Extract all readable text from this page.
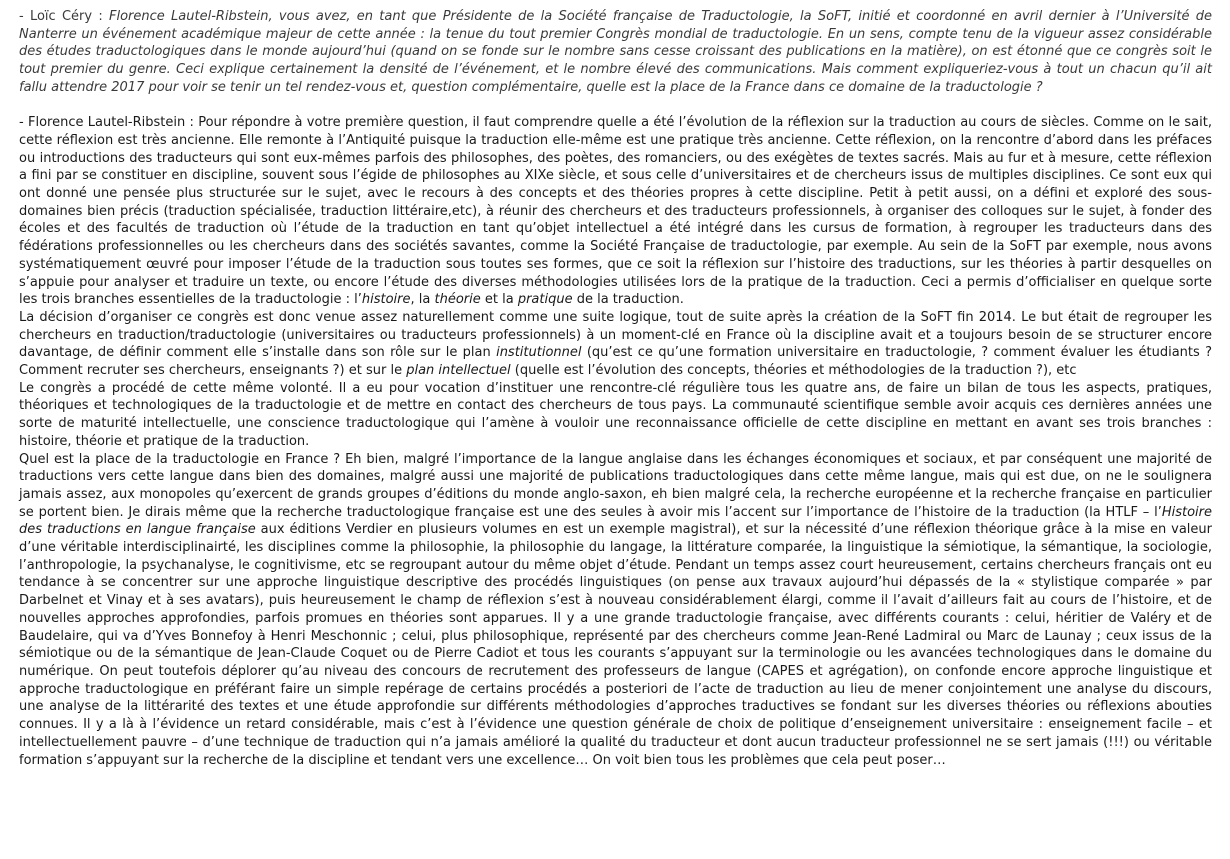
- Loïc Céry : Florence Lautel-Ribstein, vous avez, en tant que Présidente de la Société française de Traductologie, la SoFT, initié et coordonné en avril dernier à l’Université de Nanterre un événement académique majeur de cette année : la tenue du tout premier Congrès mondial de traductologie. En un sens, compte tenu de la vigueur assez considérable des études traductologiques dans le monde aujourd’hui (quand on se fonde sur le nombre sans cesse croissant des publications en la matière), on est étonné que ce congrès soit le tout premier du genre. Ceci explique certainement la densité de l’événement, et le nombre élevé des communications. Mais comment expliqueriez-vous à tout un chacun qu’il ait fallu attendre 2017 pour voir se tenir un tel rendez-vous et, question complémentaire, quelle est la place de la France dans ce domaine de la traductologie ?

- Florence Lautel-Ribstein : Pour répondre à votre première question, il faut comprendre quelle a été l’évolution de la réflexion sur la traduction au cours de siècles. Comme on le sait, cette réflexion est très ancienne. Elle remonte à l’Antiquité puisque la traduction elle-même est une pratique très ancienne. Cette réflexion, on la rencontre d’abord dans les préfaces ou introductions des traducteurs qui sont eux-mêmes parfois des philosophes, des poètes, des romanciers, ou des exégètes de textes sacrés. Mais au fur et à mesure, cette réflexion a fini par se constituer en discipline, souvent sous l’égide de philosophes au XIXe siècle, et sous celle d’universitaires et de chercheurs issus de multiples disciplines. Ce sont eux qui ont donné une pensée plus structurée sur le sujet, avec le recours à des concepts et des théories propres à cette discipline. Petit à petit aussi, on a défini et exploré des sous-domaines bien précis (traduction spécialisée, traduction littéraire,etc), à réunir des chercheurs et des traducteurs professionnels, à organiser des colloques sur le sujet, à fonder des écoles et des facultés de traduction où l’étude de la traduction en tant qu’objet intellectuel a été intégré dans les cursus de formation, à regrouper les traducteurs dans des fédérations professionnelles ou les chercheurs dans des sociétés savantes, comme la Société Française de traductologie, par exemple. Au sein de la SoFT par exemple, nous avons systématiquement œuvré pour imposer l’étude de la traduction sous toutes ses formes, que ce soit la réflexion sur l’histoire des traductions, sur les théories à partir desquelles on s’appuie pour analyser et traduire un texte, ou encore l’étude des diverses méthodologies utilisées lors de la pratique de la traduction. Ceci a permis d’officialiser en quelque sorte les trois branches essentielles de la traductologie : l’histoire, la théorie et la pratique de la traduction.

La décision d’organiser ce congrès est donc venue assez naturellement comme une suite logique, tout de suite après la création de la SoFT fin 2014. Le but était de regrouper les chercheurs en traduction/traductologie (universitaires ou traducteurs professionnels) à un moment-clé en France où la discipline avait et a toujours besoin de se structurer encore davantage, de définir comment elle s’installe dans son rôle sur le plan institutionnel (qu’est ce qu’une formation universitaire en traductologie, ? comment évaluer les étudiants ? Comment recruter ses chercheurs, enseignants ?) et sur le plan intellectuel (quelle est l’évolution des concepts, théories et méthodologies de la traduction ?), etc

Le congrès a procédé de cette même volonté. Il a eu pour vocation d’instituer une rencontre-clé régulière tous les quatre ans, de faire un bilan de tous les aspects, pratiques, théoriques et technologiques de la traductologie et de mettre en contact des chercheurs de tous pays. La communauté scientifique semble avoir acquis ces dernières années une sorte de maturité intellectuelle, une conscience traductologique qui l’amène à vouloir une reconnaissance officielle de cette discipline en mettant en avant ses trois branches : histoire, théorie et pratique de la traduction.

Quel est la place de la traductologie en France ? Eh bien, malgré l’importance de la langue anglaise dans les échanges économiques et sociaux, et par conséquent une majorité de traductions vers cette langue dans bien des domaines, malgré aussi une majorité de publications traductologiques dans cette même langue, mais qui est due, on ne le soulignera jamais assez, aux monopoles qu’exercent de grands groupes d’éditions du monde anglo-saxon, eh bien malgré cela, la recherche européenne et la recherche française en particulier se portent bien. Je dirais même que la recherche traductologique française est une des seules à avoir mis l’accent sur l’importance de l’histoire de la traduction (la HTLF – l’Histoire des traductions en langue française aux éditions Verdier en plusieurs volumes en est un exemple magistral), et sur la nécessité d’une réflexion théorique grâce à la mise en valeur d’une véritable interdisciplinairté, les disciplines comme la philosophie, la philosophie du langage, la littérature comparée, la linguistique la sémiotique, la sémantique, la sociologie, l’anthropologie, la psychanalyse, le cognitivisme, etc se regroupant autour du même objet d’étude. Pendant un temps assez court heureusement, certains chercheurs français ont eu tendance à se concentrer sur une approche linguistique descriptive des procédés linguistiques (on pense aux travaux aujourd’hui dépassés de la « stylistique comparée » par Darbelnet et Vinay et à ses avatars), puis heureusement le champ de réflexion s’est à nouveau considérablement élargi, comme il l’avait d’ailleurs fait au cours de l’histoire, et de nouvelles approches approfondies, parfois promues en théories sont apparues. Il y a une grande traductologie française, avec différents courants : celui, héritier de Valéry et de Baudelaire, qui va d’Yves Bonnefoy à Henri Meschonnic ; celui, plus philosophique, représenté par des chercheurs comme Jean-René Ladmiral ou Marc de Launay ; ceux issus de la sémiotique ou de la sémantique de Jean-Claude Coquet ou de Pierre Cadiot et tous les courants s’appuyant sur la terminologie ou les avancées technologiques dans le domaine du numérique. On peut toutefois déplorer qu’au niveau des concours de recrutement des professeurs de langue (CAPES et agrégation), on confonde encore approche linguistique et approche traductologique en préférant faire un simple repérage de certains procédés a posteriori de l’acte de traduction au lieu de mener conjointement une analyse du discours, une analyse de la littérarité des textes et une étude approfondie sur différents méthodologies d’approches traductives se fondant sur les diverses théories ou réflexions abouties connues. Il y a là à l’évidence un retard considérable, mais c’est à l’évidence une question générale de choix de politique d’enseignement universitaire : enseignement facile – et intellectuellement pauvre – d’une technique de traduction qui n’a jamais amélioré la qualité du traducteur et dont aucun traducteur professionnel ne se sert jamais (!!!) ou véritable formation s’appuyant sur la recherche de la discipline et tendant vers une excellence… On voit bien tous les problèmes que cela peut poser…
